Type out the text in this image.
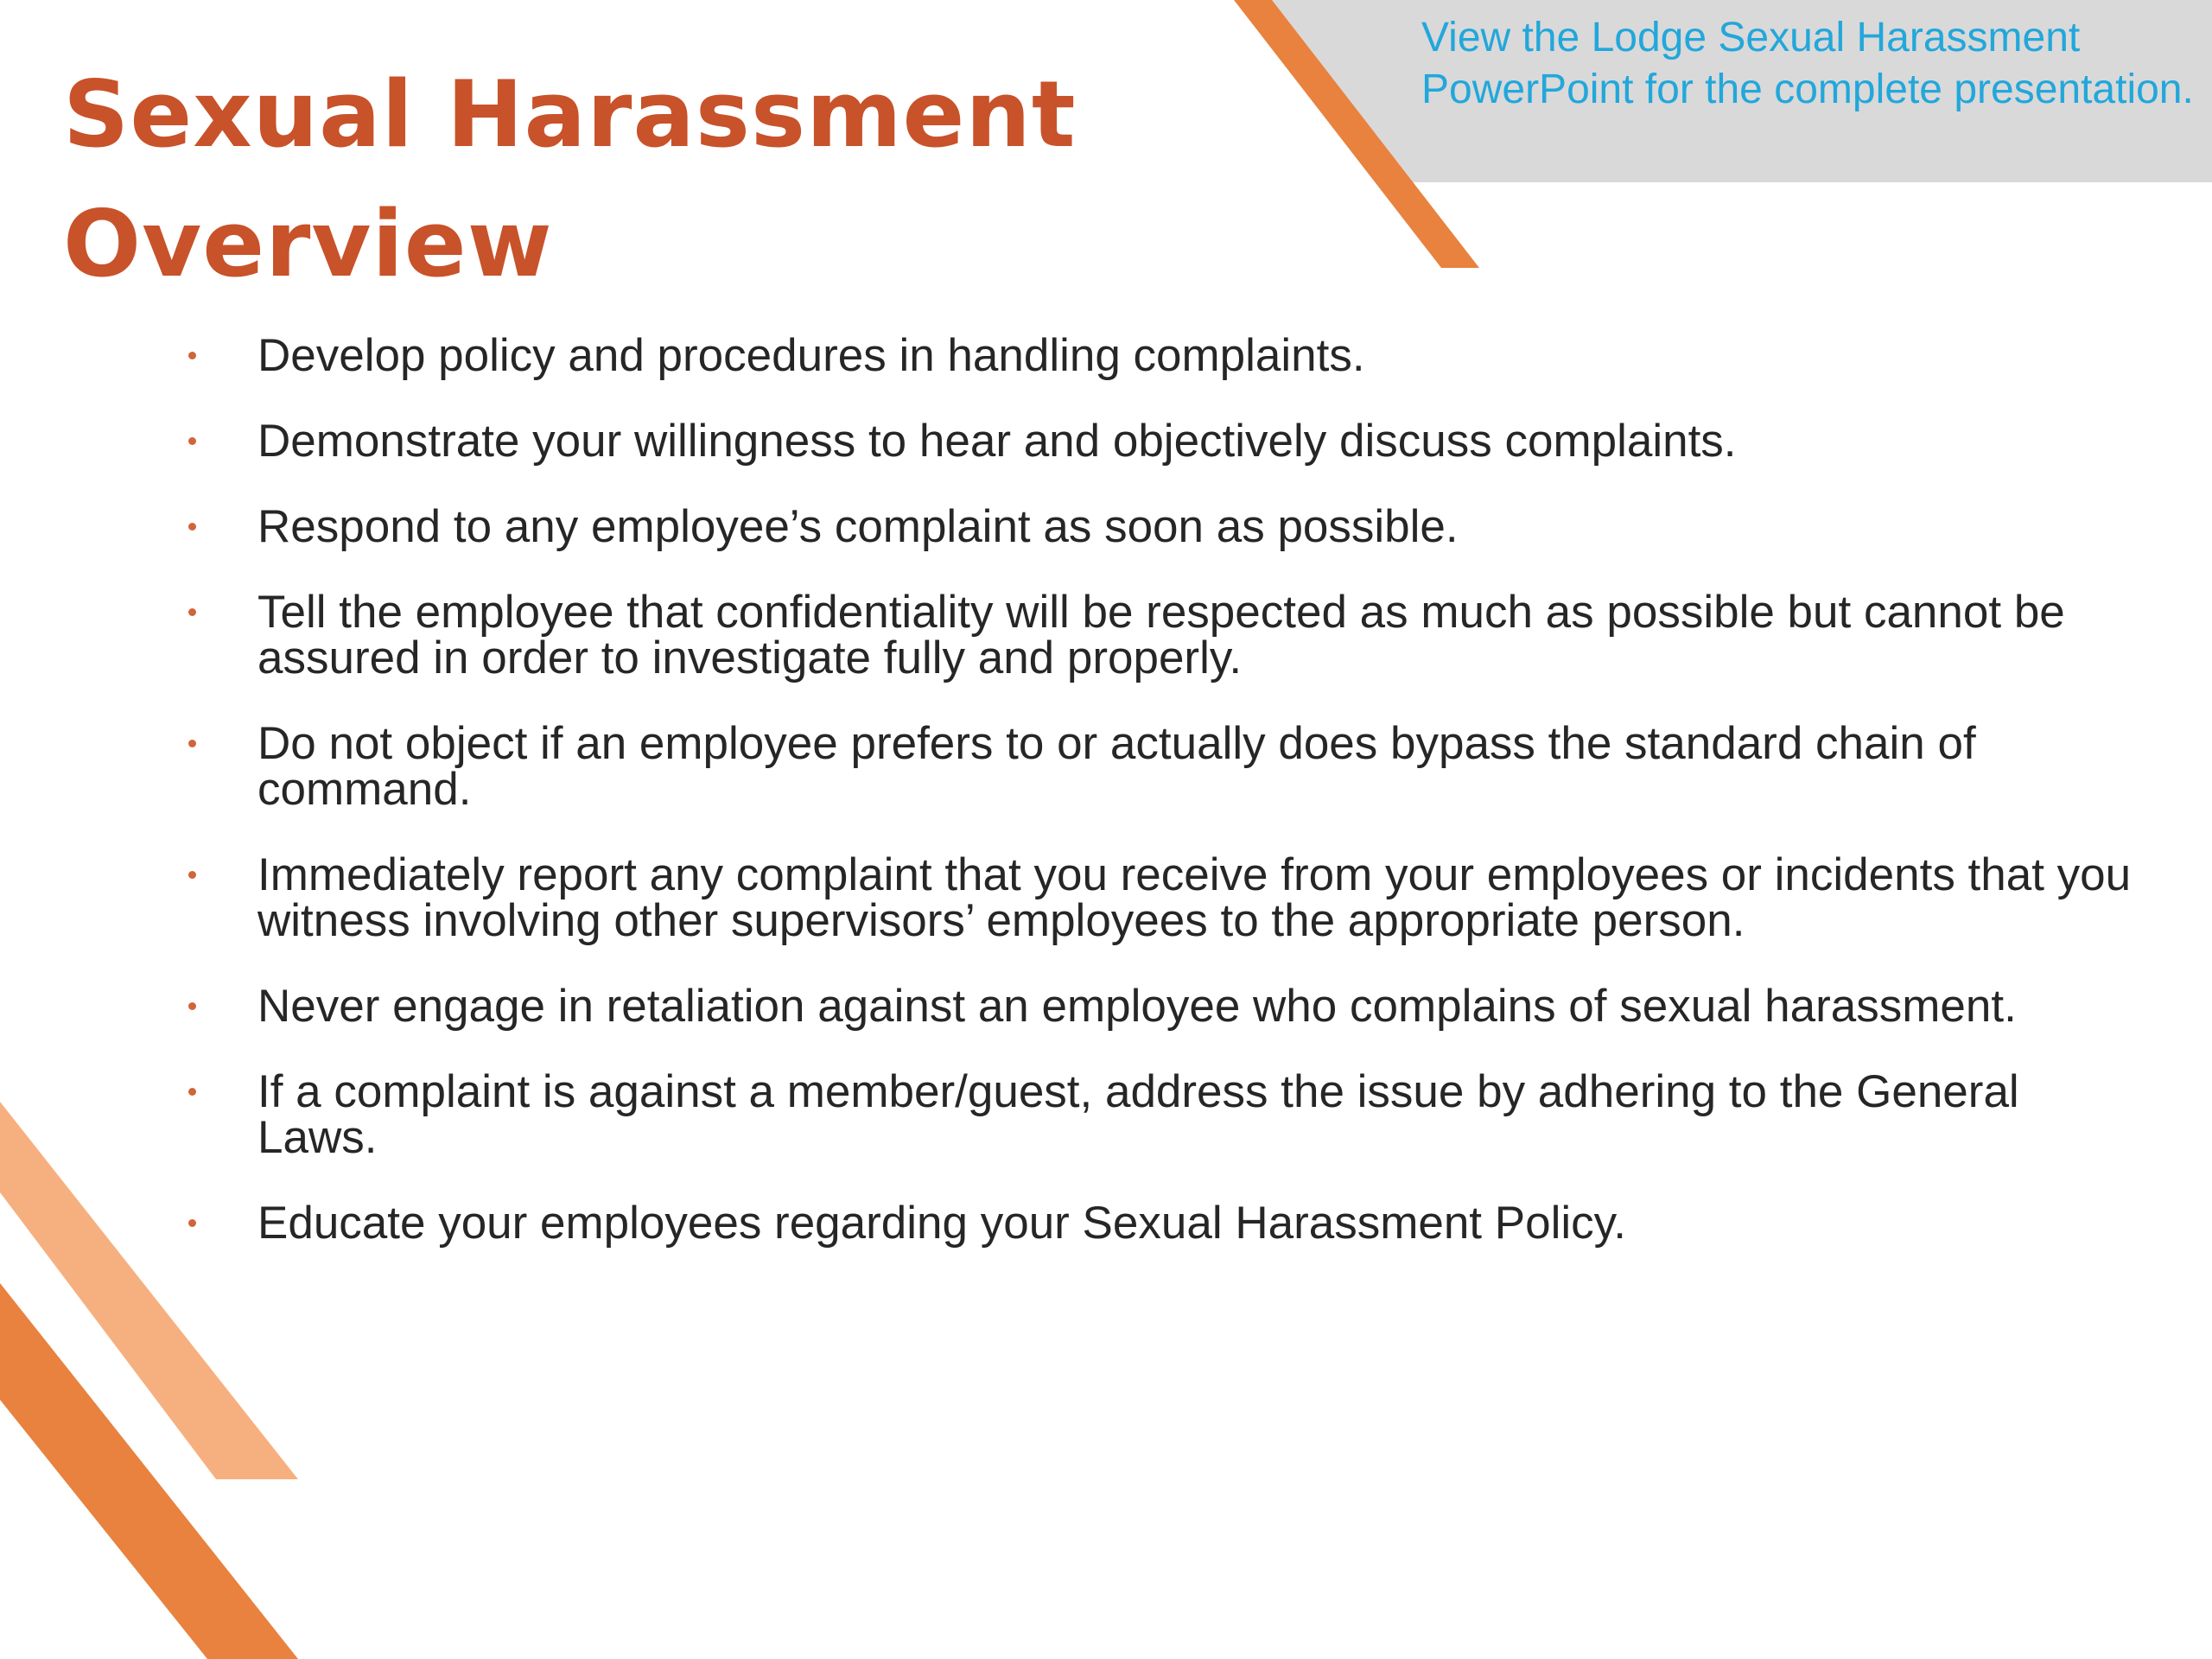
Sexual Harassment
Overview

View the Lodge Sexual Harassment PowerPoint for the complete presentation.

Develop policy and procedures in handling complaints.
Demonstrate your willingness to hear and objectively discuss complaints.
Respond to any employee’s complaint as soon as possible.
Tell the employee that confidentiality will be respected as much as possible but cannot be assured in order to investigate fully and properly.
Do not object if an employee prefers to or actually does bypass the standard chain of command.
Immediately report any complaint that you receive from your employees or incidents that you witness involving other supervisors’ employees to the appropriate person.
Never engage in retaliation against an employee who complains of sexual harassment.
If a complaint is against a member/guest, address the issue by adhering to the General Laws.
Educate your employees regarding your Sexual Harassment Policy.
